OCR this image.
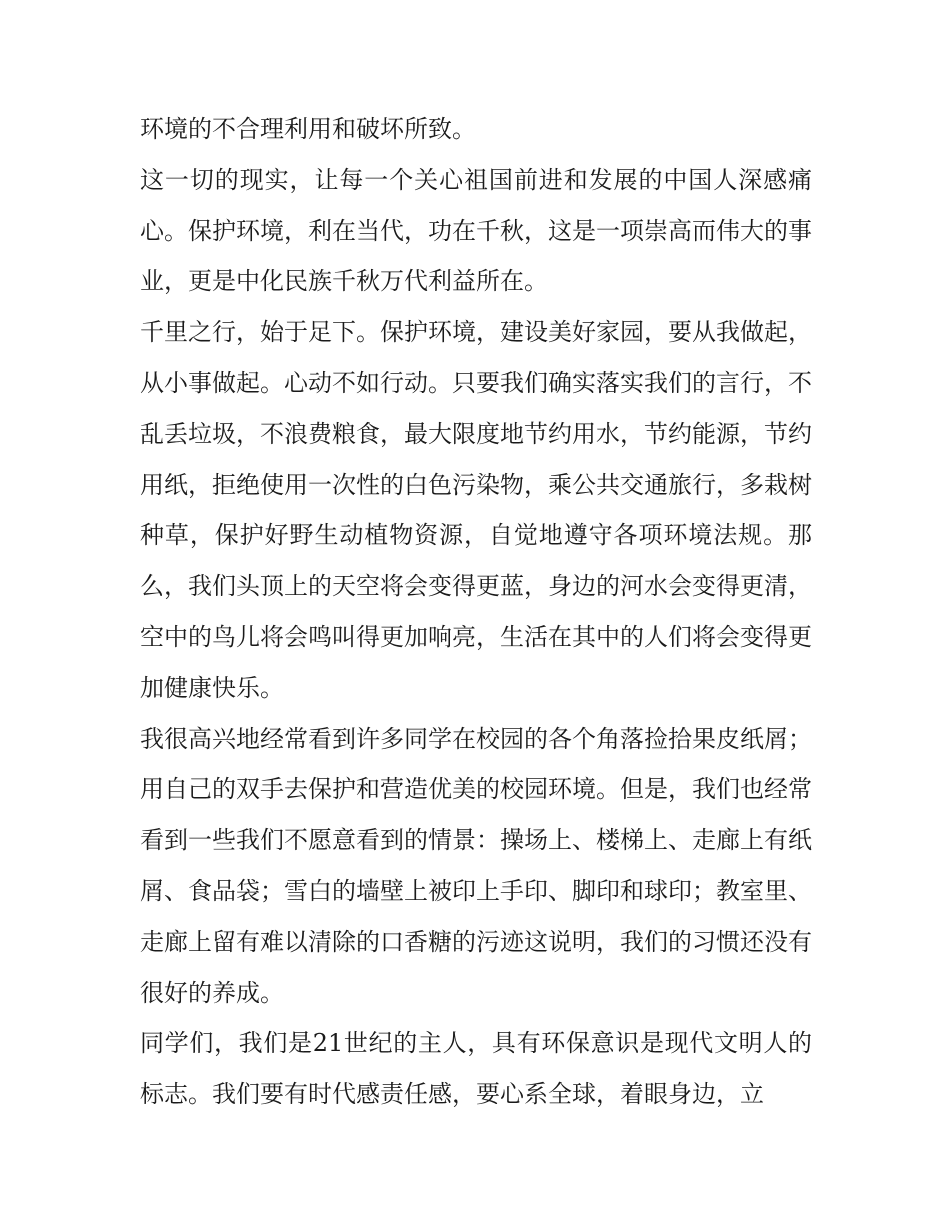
环境的不合理利用和破坏所致。

这一切的现实，让每一个关心祖国前进和发展的中国人深感痛心。保护环境，利在当代，功在千秋，这是一项崇高而伟大的事业，更是中化民族千秋万代利益所在。

千里之行，始于足下。保护环境，建设美好家园，要从我做起，从小事做起。心动不如行动。只要我们确实落实我们的言行，不乱丢垃圾，不浪费粮食，最大限度地节约用水，节约能源，节约用纸，拒绝使用一次性的白色污染物，乘公共交通旅行，多栽树种草，保护好野生动植物资源，自觉地遵守各项环境法规。那么，我们头顶上的天空将会变得更蓝，身边的河水会变得更清，空中的鸟儿将会鸣叫得更加响亮，生活在其中的人们将会变得更加健康快乐。

我很高兴地经常看到许多同学在校园的各个角落捡拾果皮纸屑；用自己的双手去保护和营造优美的校园环境。但是，我们也经常看到一些我们不愿意看到的情景：操场上、楼梯上、走廊上有纸屑、食品袋；雪白的墙壁上被印上手印、脚印和球印；教室里、走廊上留有难以清除的口香糖的污迹这说明，我们的习惯还没有很好的养成。

同学们，我们是21世纪的主人，具有环保意识是现代文明人的标志。我们要有时代感责任感，要心系全球，着眼身边，立
